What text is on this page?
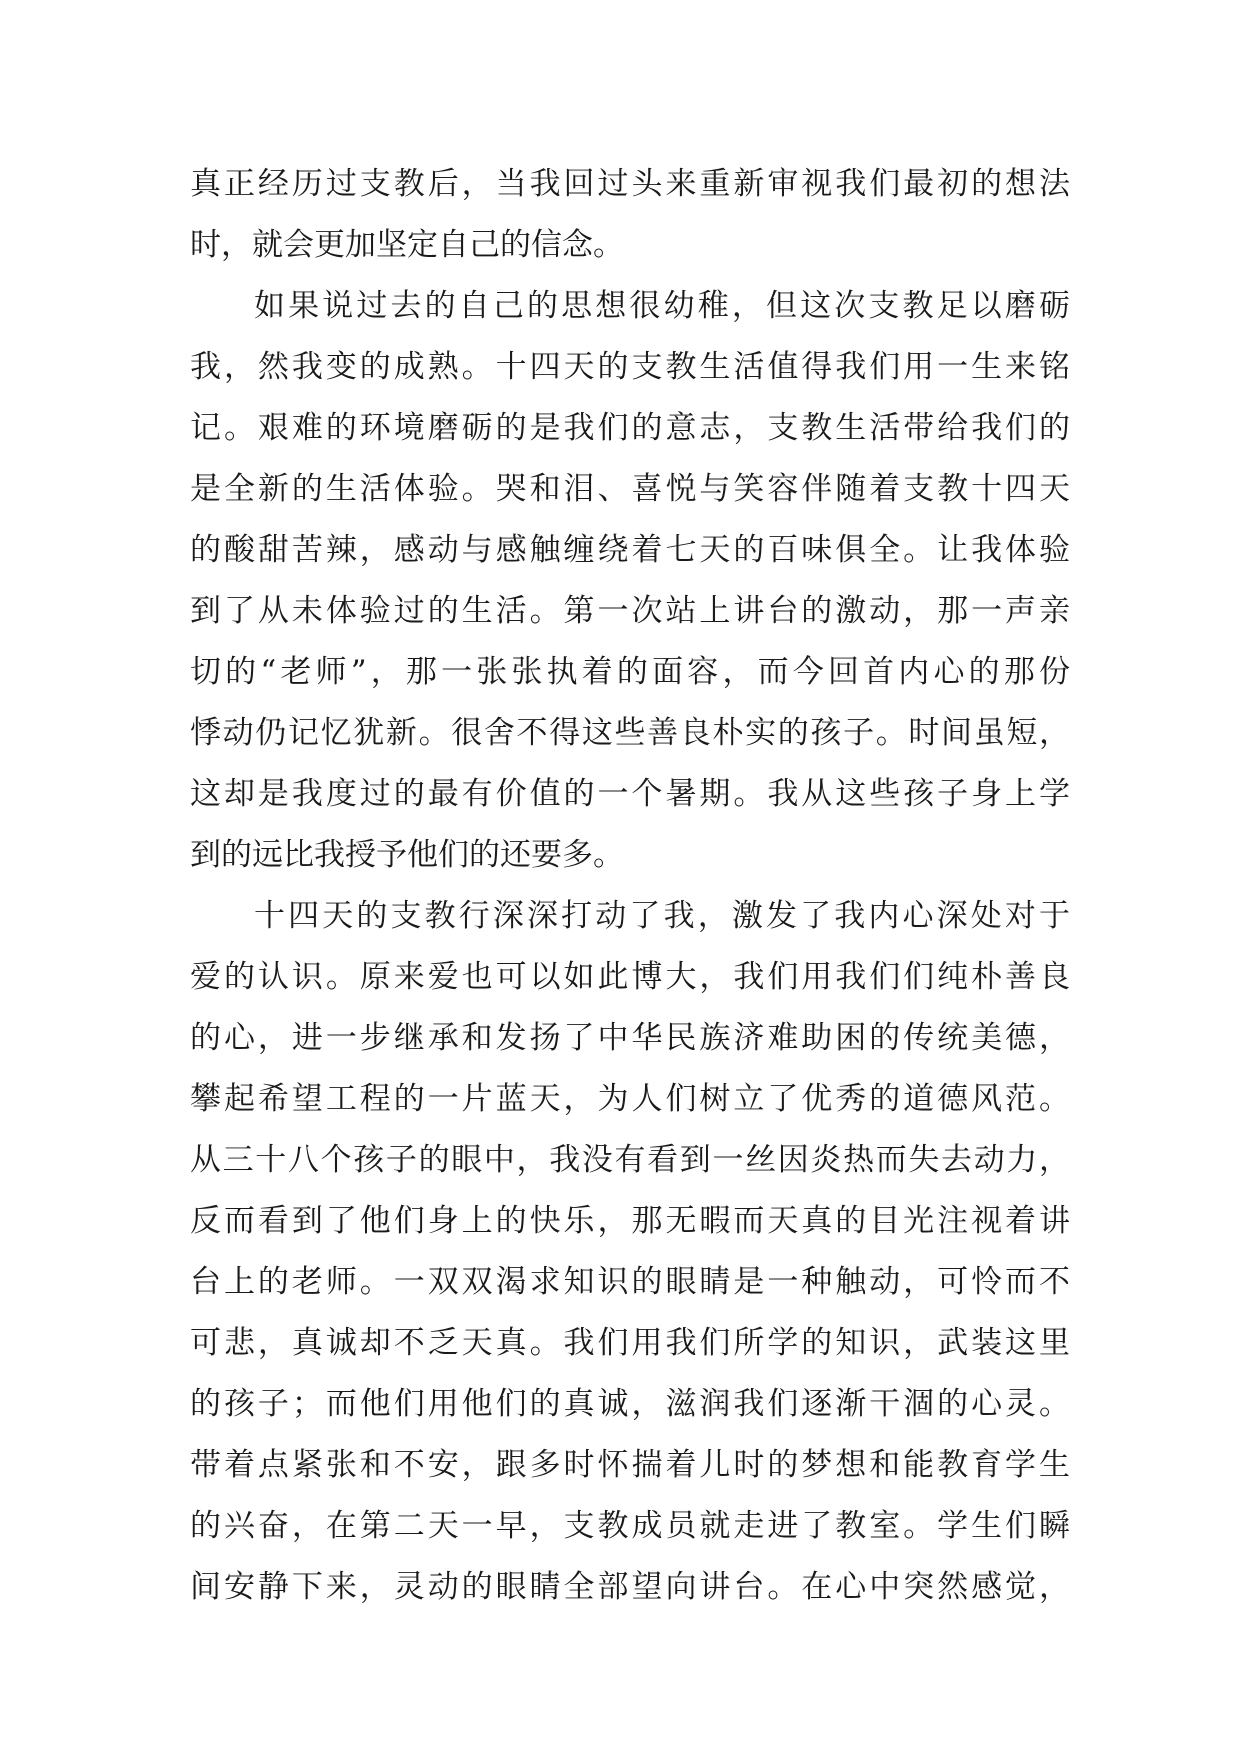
真正经历过支教后，当我回过头来重新审视我们最初的想法
时，就会更加坚定自己的信念。
如果说过去的自己的思想很幼稚，但这次支教足以磨砺
我，然我变的成熟。十四天的支教生活值得我们用一生来铭
记。艰难的环境磨砺的是我们的意志，支教生活带给我们的
是全新的生活体验。哭和泪、喜悦与笑容伴随着支教十四天
的酸甜苦辣，感动与感触缠绕着七天的百味俱全。让我体验
到了从未体验过的生活。第一次站上讲台的激动，那一声亲
切的“老师”，那一张张执着的面容，而今回首内心的那份
悸动仍记忆犹新。很舍不得这些善良朴实的孩子。时间虽短，
这却是我度过的最有价值的一个暑期。我从这些孩子身上学
到的远比我授予他们的还要多。
十四天的支教行深深打动了我，激发了我内心深处对于
爱的认识。原来爱也可以如此博大，我们用我们们纯朴善良
的心，进一步继承和发扬了中华民族济难助困的传统美德，
攀起希望工程的一片蓝天，为人们树立了优秀的道德风范。
从三十八个孩子的眼中，我没有看到一丝因炎热而失去动力，
反而看到了他们身上的快乐，那无暇而天真的目光注视着讲
台上的老师。一双双渴求知识的眼睛是一种触动，可怜而不
可悲，真诚却不乏天真。我们用我们所学的知识，武装这里
的孩子；而他们用他们的真诚，滋润我们逐渐干涸的心灵。
带着点紧张和不安，跟多时怀揣着儿时的梦想和能教育学生
的兴奋，在第二天一早，支教成员就走进了教室。学生们瞬
间安静下来，灵动的眼睛全部望向讲台。在心中突然感觉，
